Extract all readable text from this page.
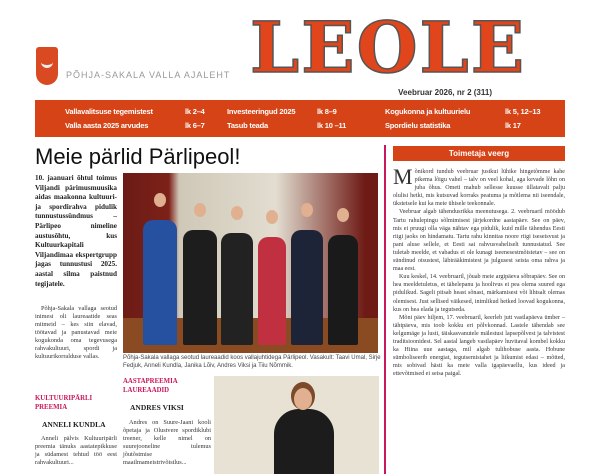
PÕHJA-SAKALA VALLA AJALEHT LEOLE
Veebruar 2026, nr 2 (311)
Vallavalitsuse tegemistest	lk 2–4
Valla aasta 2025 arvudes	lk 6–7
Investeeringud 2025	lk 8–9
Tasub teada	lk 10 –11
Kogukonna ja kultuurielu	lk 5, 12–13
Spordielu statistika	lk 17
Meie pärlid Pärlipeol!
10. jaanuari õhtul toimus Viljandi pärimusmuusika aidas maakonna kultuuri- ja spordirahva pidulik tunnustussündmus – Pärlipeo nimeline austusõhtu, kus Kultuurkapitali Viljandimaa ekspertgrupp jagas tunnustusi 2025. aastal silma paistnud tegijatele.
Põhja-Sakala vallaga seotud inimesi oli laureaatide seas mitmeid – kes siin elavad, töötavad ja panustavad meie kogukonda oma tegevusega rahvakultuuri, spordi ja kultuurikorralduse vallas.
KULTUURIPÄRLI PREEMIA
ANNELI KUNDLA
Anneli pälvis Kultuuripärli preemia tänuks aastatepikkuse ja südamest tehtud töö eest rahvakultuuri...
Põhja-Sakala vallaga seotud laureaadid koos vallajuhtidega Pärlipeol. Vasakult: Taavi Umal, Sirje Fedjuk, Anneli Kundla, Janika Lõiv, Andres Viksi ja Tiiu Nõmmik.
AASTAPREEMIA LAUREAADID
ANDRES VIKSI
Andres on Suure-Jaani kooli õpetaja ja Olustvere spordiklubi treener, kelle nimel on suurejooneline tulemus jõutõstmise maailmameistrivõistlus...
Toimetaja veerg
M õnikord tundub veebruar justkui lühike hingetõmme kahe pikema lõigu vahel – talv on veel kohal, aga kevade lõhn on juba õhus. Ometi mahub sellesse kuusse üllatavalt palju olulisi hetki, mis kutsuvad korraks peatuma ja mõtlema nii iseendale, üksteisele kui ka meie ühisele teekonnale.

Veebruar algab tähendusrikka meenutusega. 2. veebruaril möödub Tartu rahulepingu sõlmimisest järjekordne aastapäev. See on päev, mis ei pruugi olla väga nähtav ega pidulik, kuid mille tähendus Eesti riigi jaoks on hindamatu. Tartu rahu kinnitas noore riigi iseseisvust ja pani aluse sellele, et Eesti sai rahvusvaheliselt tunnustatud. See tuletab meelde, et vabadus ei ole kunagi iseenesestmõistetav – see on sündinud otsustest, läbirääkimistest ja julgusest seista oma rahva ja maa eest.

Kuu keskel, 14. veebruaril, jõuab meie argipäeva sõbrapäev. See on hea meeldetuletus, et tähelepanu ja hoolivus ei pea olema suured ega pidulikud. Sageli piisab heast sõnast, märkamisest või lihtsalt olemas olemisest. Just sellised väikesed, inimlikud hetked loovad kogukonna, kus on hea elada ja tegutseda.

Mõni päev hiljem, 17. veebruaril, keerleb jutt vastlapäeva ümber – tähtpäeva, mis toob kokku eri põlvkonnad. Lastele tähendab see kelgumäge ja lusti, täiskasvanutele mälestusi lapsepõlvest ja talvistest traditsioonidest. Sel aastal langeb vastlapäev huvitaval kombel kokku ka Hiina uue aastaga, mil algab tulihobuse aasta. Hobune sümboliseerib energiat, tegutsemistahet ja liikumist edasi – mõtted, mis sobivad hästi ka meie valla igapäevaellu, kus ideed ja ettevõtmised ei seisa paigal.
